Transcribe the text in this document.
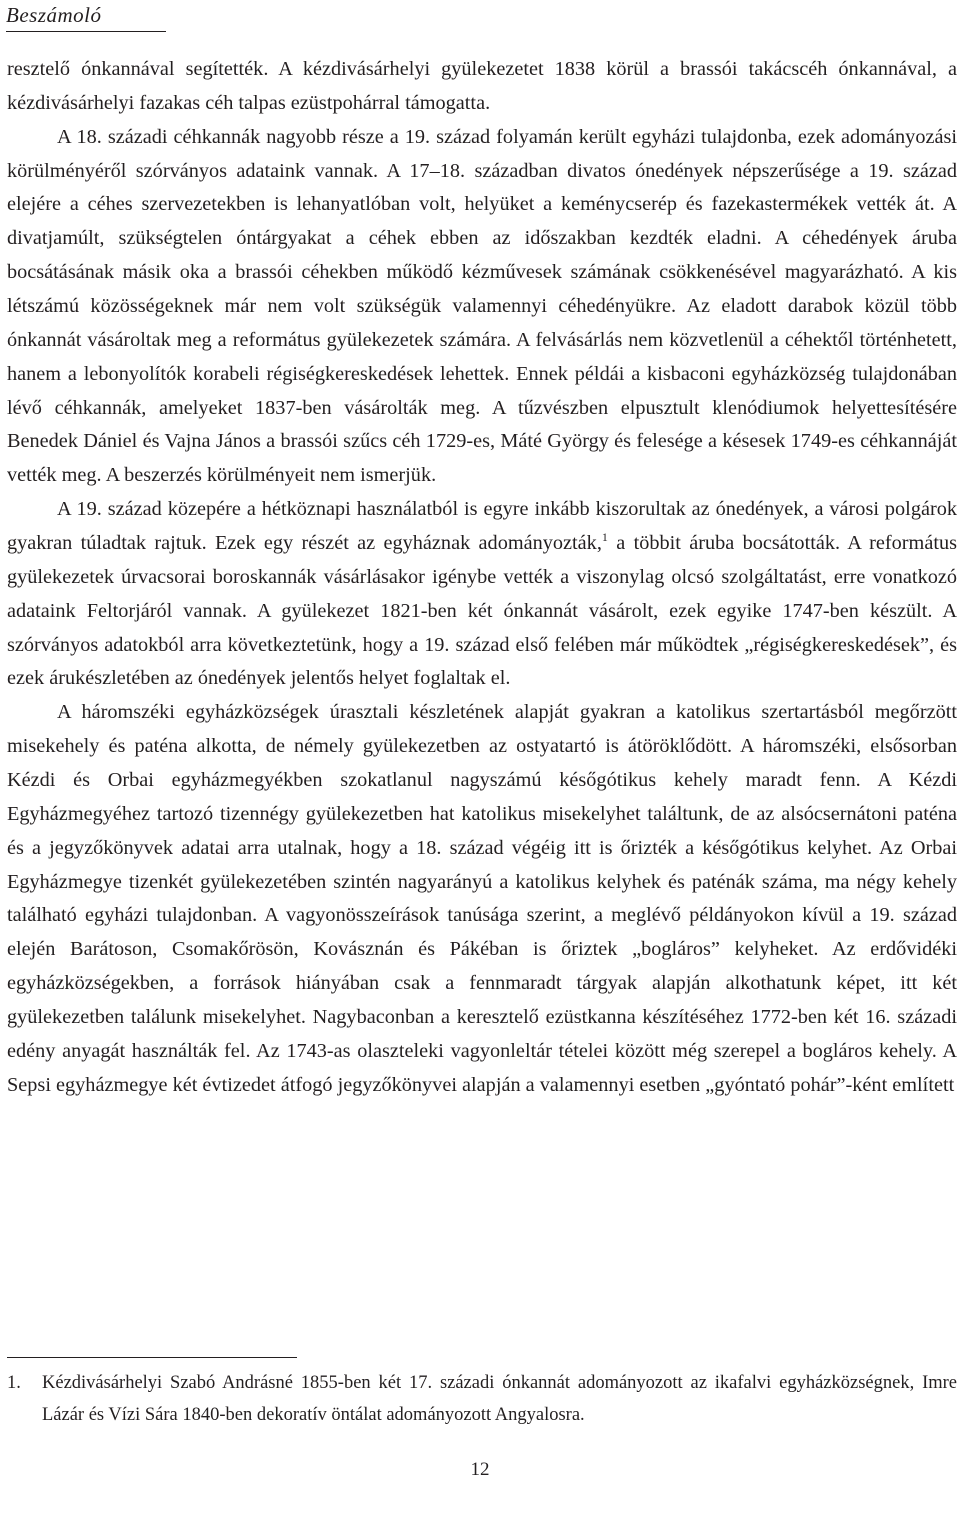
Beszámoló

resztelő ónkannával segítették. A kézdivásárhelyi gyülekezetet 1838 körül a brassói takácscéh ónkannával, a kézdivásárhelyi fazakas céh talpas ezüstpohárral támogatta.

A 18. századi céhkannák nagyobb része a 19. század folyamán került egyházi tulajdonba, ezek adományozási körülményéről szórványos adataink vannak. A 17–18. században divatos ónedények népszerűsége a 19. század elejére a céhes szervezetekben is lehanyatlóban volt, helyüket a keménycserép és fazekastermékek vették át. A divatjamúlt, szükségtelen óntárgyakat a céhek ebben az időszakban kezdték eladni. A céhedények áruba bocsátásának másik oka a brassói céhekben működő kézművesek számának csökkenésével magyarázható. A kis létszámú közösségeknek már nem volt szükségük valamennyi céhedényükre. Az eladott darabok közül több ónkannát vásároltak meg a református gyülekezetek számára. A felvásárlás nem közvetlenül a céhektől történhetett, hanem a lebonyolítók korabeli régiségkereskedések lehettek. Ennek példái a kisbaconi egyházközség tulajdonában lévő céhkannák, amelyeket 1837-ben vásárolták meg. A tűzvészben elpusztult klenódiumok helyettesítésére Benedek Dániel és Vajna János a brassói szűcs céh 1729-es, Máté György és felesége a késesek 1749-es céhkannáját vették meg. A beszerzés körülményeit nem ismerjük.

A 19. század közepére a hétköznapi használatból is egyre inkább kiszorultak az ónedények, a városi polgárok gyakran túladtak rajtuk. Ezek egy részét az egyháznak adományozták,$^1$ a többit áruba bocsátották. A református gyülekezetek úrvacsorai boroskannák vásárlásakor igénybe vették a viszonylag olcsó szolgáltatást, erre vonatkozó adataink Feltorjáról vannak. A gyülekezet 1821-ben két ónkannát vásárolt, ezek egyike 1747-ben készült. A szórványos adatokból arra következtetünk, hogy a 19. század első felében már működtek „régiségkereskedések”, és ezek árukészletében az ónedények jelentős helyet foglaltak el.

A háromszéki egyházközségek úrasztali készletének alapját gyakran a katolikus szertartásból megőrzött misekehely és paténa alkotta, de némely gyülekezetben az ostyatartó is átöröklődött. A háromszéki, elsősorban Kézdi és Orbai egyházmegyékben szokatlanul nagyszámú későgótikus kehely maradt fenn. A Kézdi Egyházmegyéhez tartozó tizennégy gyülekezetben hat katolikus misekelyhet találtunk, de az alsócsernátoni paténa és a jegyzőkönyvek adatai arra utalnak, hogy a 18. század végéig itt is őrizték a későgótikus kelyhet. Az Orbai Egyházmegye tizenkét gyülekezetében szintén nagyarányú a katolikus kelyhek és paténák száma, ma négy kehely található egyházi tulajdonban. A vagyonösszeírások tanúsága szerint, a meglévő példányokon kívül a 19. század elején Barátoson, Csomakőrösön, Kovásznán és Pákéban is őriztek „bogláros” kelyheket. Az erdővidéki egyházközségekben, a források hiányában csak a fennmaradt tárgyak alapján alkothatunk képet, itt két gyülekezetben találunk misekelyhet. Nagybaconban a keresztelő ezüstkanna készítéséhez 1772-ben két 16. századi edény anyagát használták fel. Az 1743-as olaszteleki vagyonleltár tételei között még szerepel a bogláros kehely. A Sepsi egyházmegye két évtizedet átfogó jegyzőkönyvei alapján a valamennyi esetben „gyóntató pohár”-ként említett

1. Kézdivásárhelyi Szabó Andrásné 1855-ben két 17. századi ónkannát adományozott az ikafalvi egyházközségnek, Imre Lázár és Vízi Sára 1840-ben dekoratív öntálat adományozott Angyalosra.
12
